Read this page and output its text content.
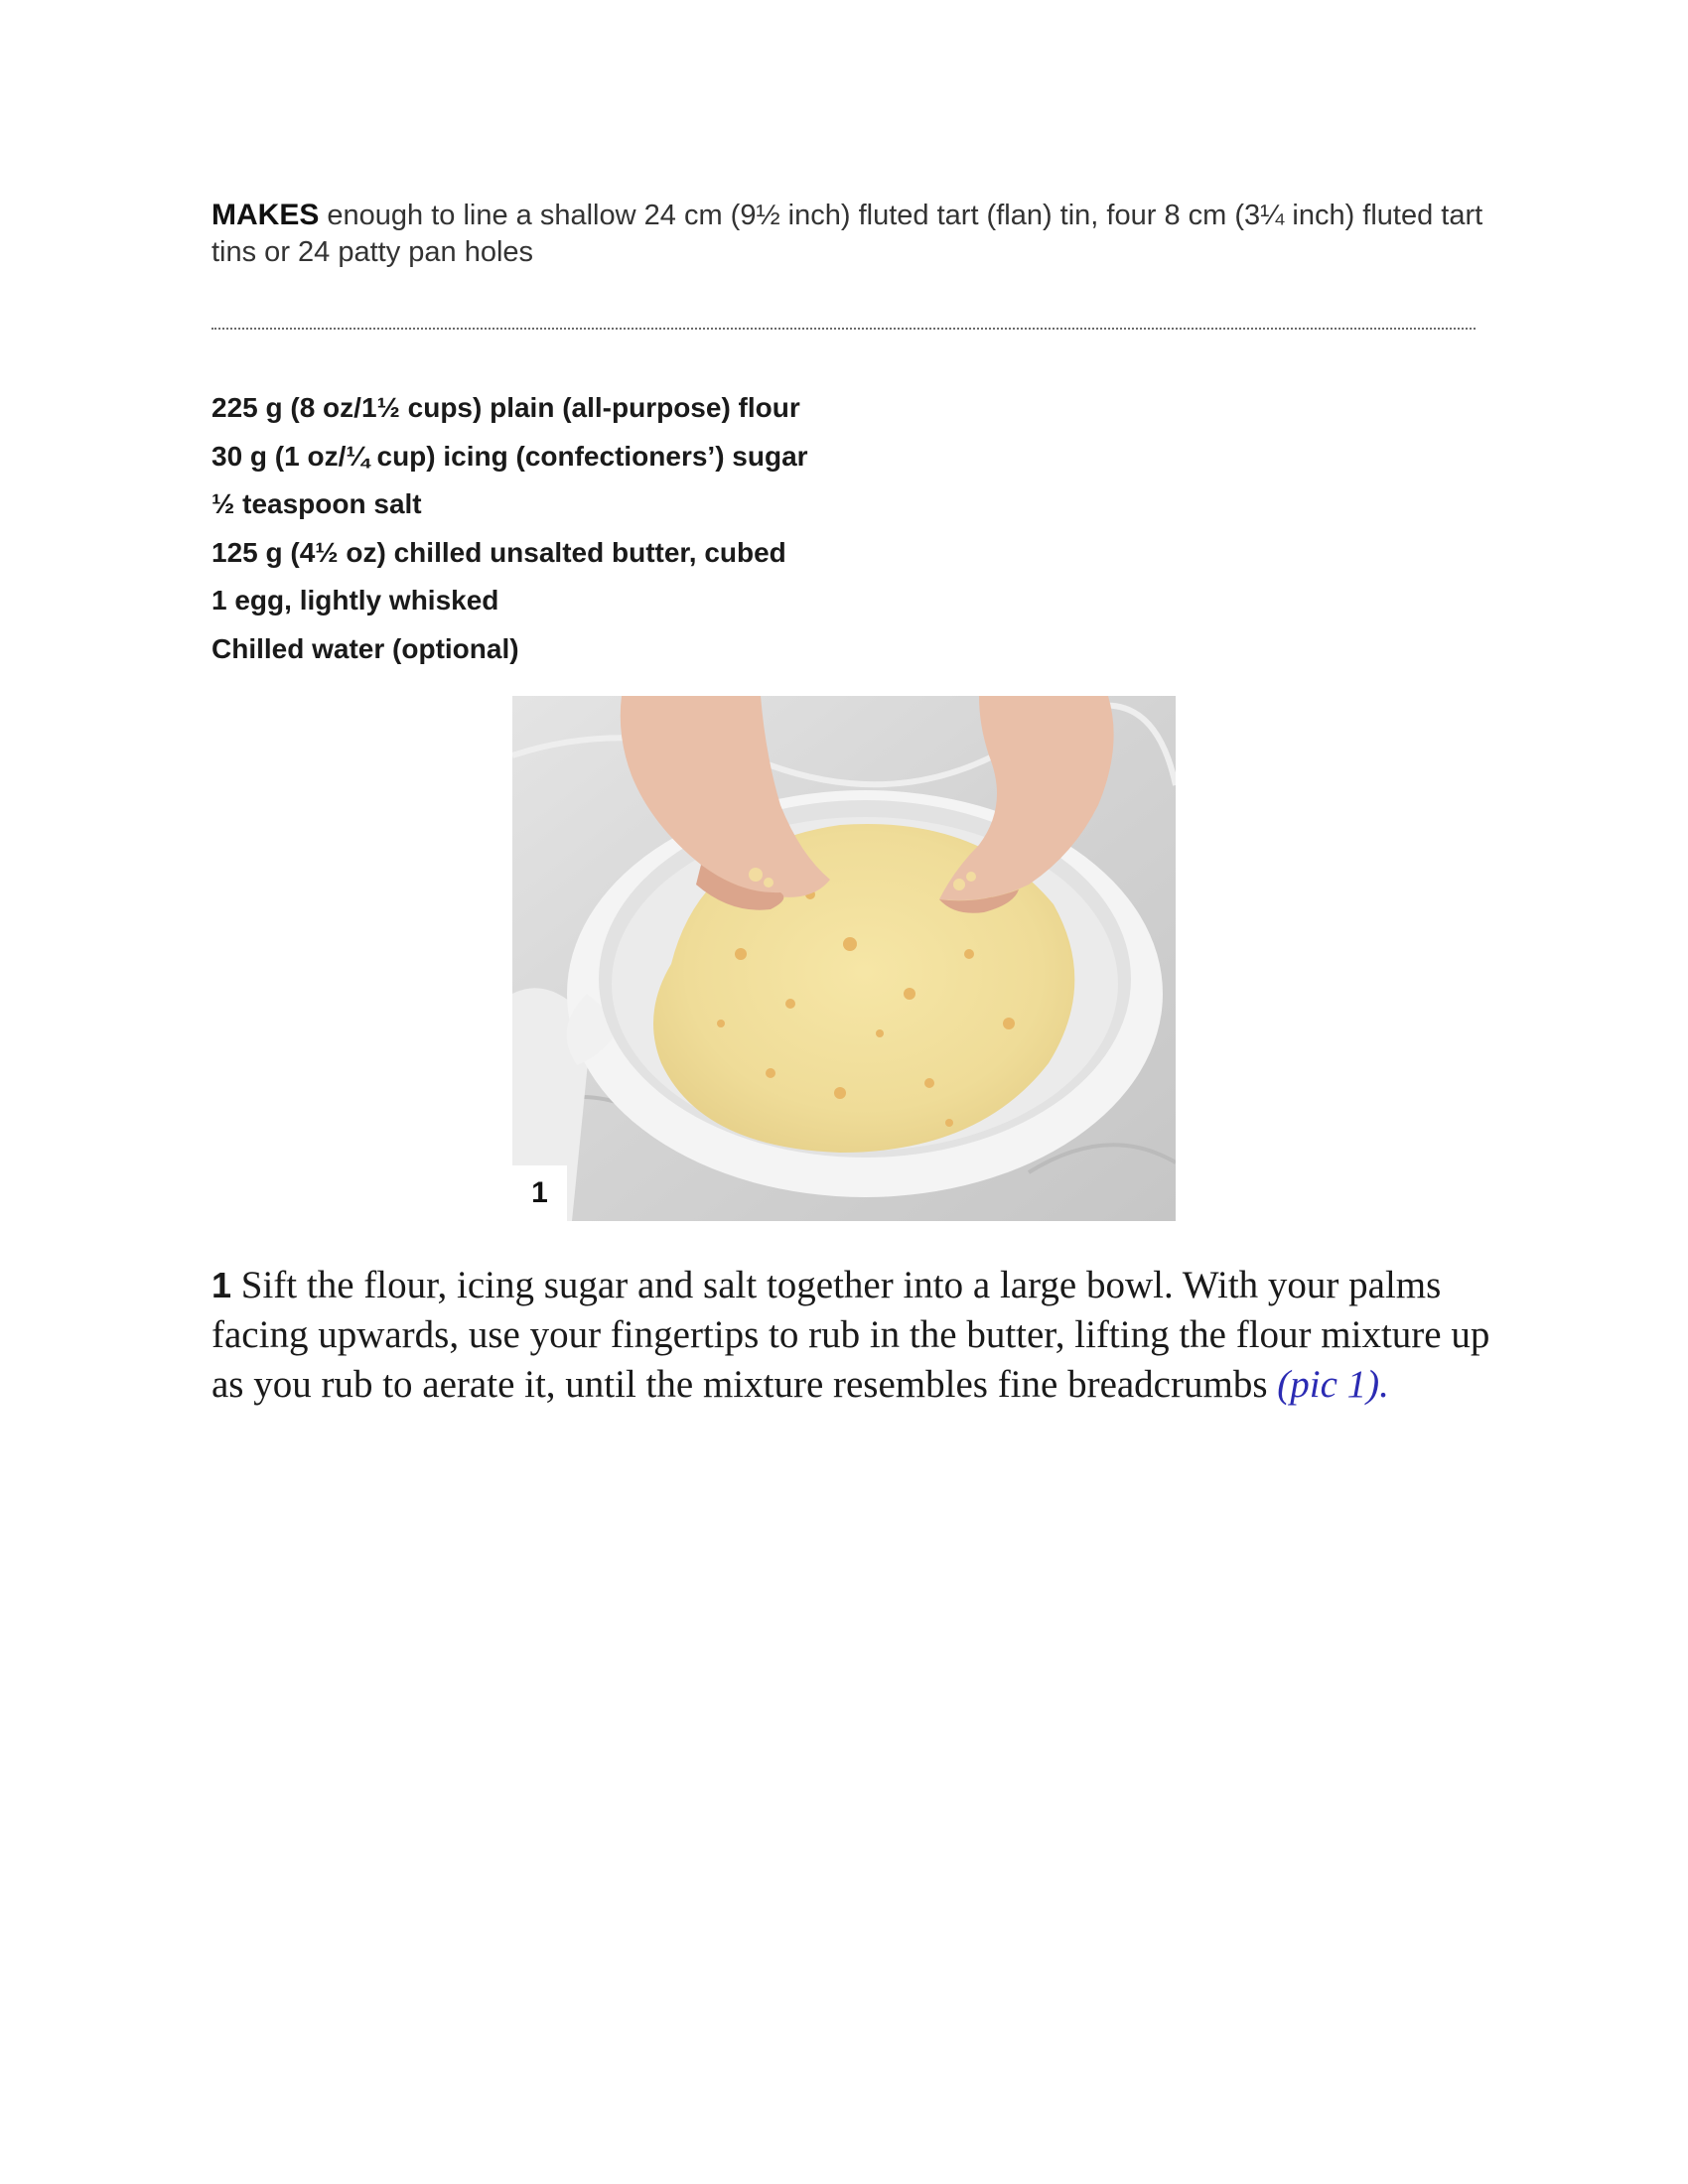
MAKES enough to line a shallow 24 cm (9½ inch) fluted tart (flan) tin, four 8 cm (3¼ inch) fluted tart tins or 24 patty pan holes
225 g (8 oz/1½ cups) plain (all-purpose) flour
30 g (1 oz/¼ cup) icing (confectioners’) sugar
½ teaspoon salt
125 g (4½ oz) chilled unsalted butter, cubed
1 egg, lightly whisked
Chilled water (optional)
1

1 Sift the flour, icing sugar and salt together into a large bowl. With your palms facing upwards, use your fingertips to rub in the butter, lifting the flour mixture up as you rub to aerate it, until the mixture resembles fine breadcrumbs (pic 1).
